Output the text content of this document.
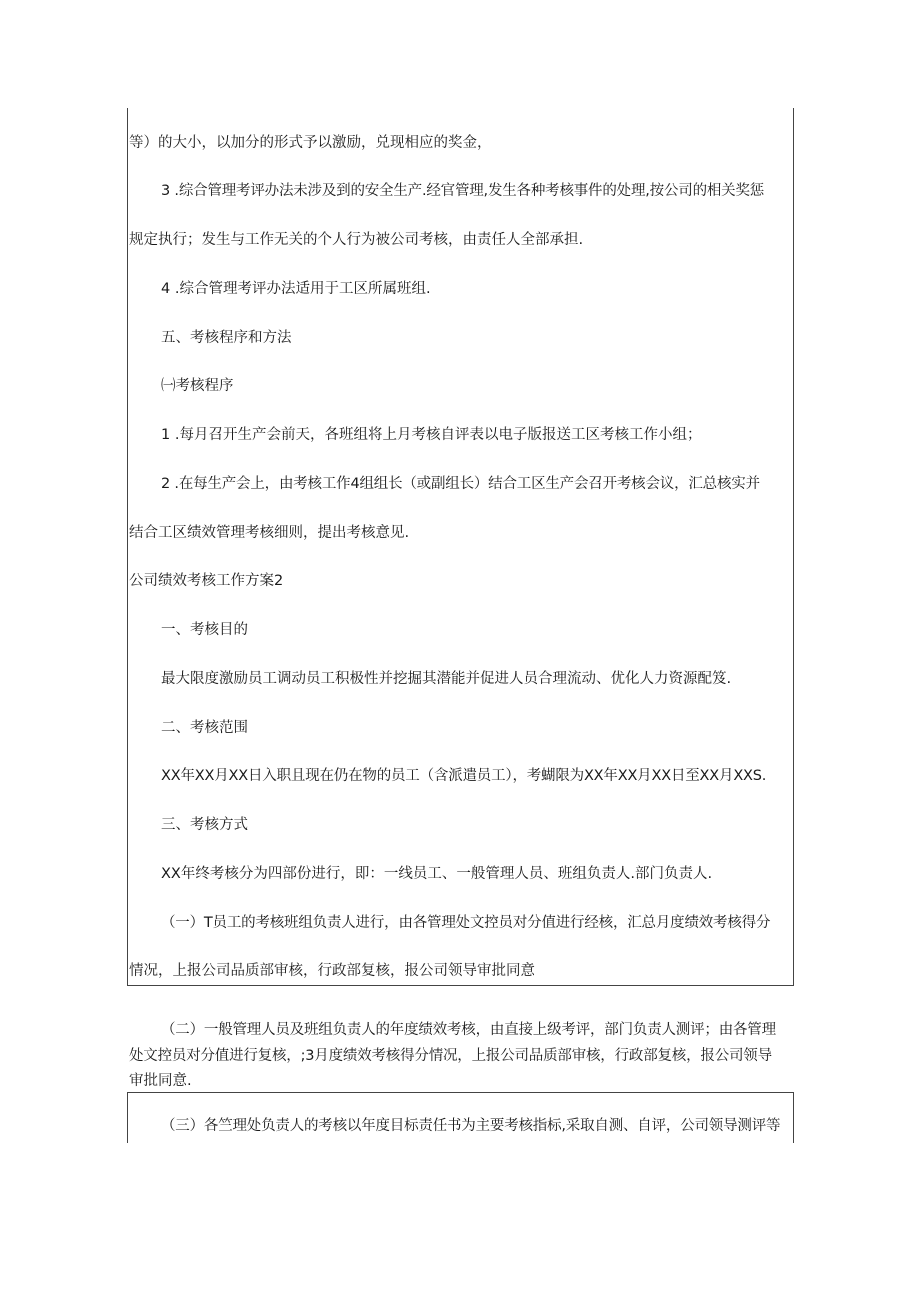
等）的大小，以加分的形式予以激励，兑现相应的奖金，
3 .综合管理考评办法未涉及到的安全生产.经官管理,发生各种考核事件的处理,按公司的相关奖惩
规定执行；发生与工作无关的个人行为被公司考核，由责任人全部承担.
4 .综合管理考评办法适用于工区所属班组.
五、考核程序和方法
㈠考核程序
1 .每月召开生产会前天，各班组将上月考核自评表以电子版报送工区考核工作小组；
2 .在每生产会上，由考核工作4组组长（或副组长）结合工区生产会召开考核会议，汇总核实并
结合工区绩效管理考核细则，提出考核意见.
公司绩效考核工作方案2
一、考核目的
最大限度激励员工调动员工积极性并挖掘其潜能并促进人员合理流动、优化人力资源配笈.
二、考核范围
XX年XX月XX日入职且现在仍在物的员工（含派遣员工），考蝴限为XX年XX月XX日至XX月XXS.
三、考核方式
XX年终考核分为四部份进行，即：一线员工、一般管理人员、班组负责人.部门负责人.
（一）T员工的考核班组负责人进行，由各管理处文控员对分值进行经核，汇总月度绩效考核得分
情况，上报公司品质部审核，行政部复核，报公司领导审批同意
（二）一般管理人员及班组负责人的年度绩效考核，由直接上级考评，部门负责人测评；由各管理
处文控员对分值进行复核，;3月度绩效考核得分情况，上报公司品质部审核，行政部复核，报公司领导
审批同意.
（三）各竺理处负责人的考核以年度目标责任书为主要考核指标,采取自测、自评，公司领导测评等
